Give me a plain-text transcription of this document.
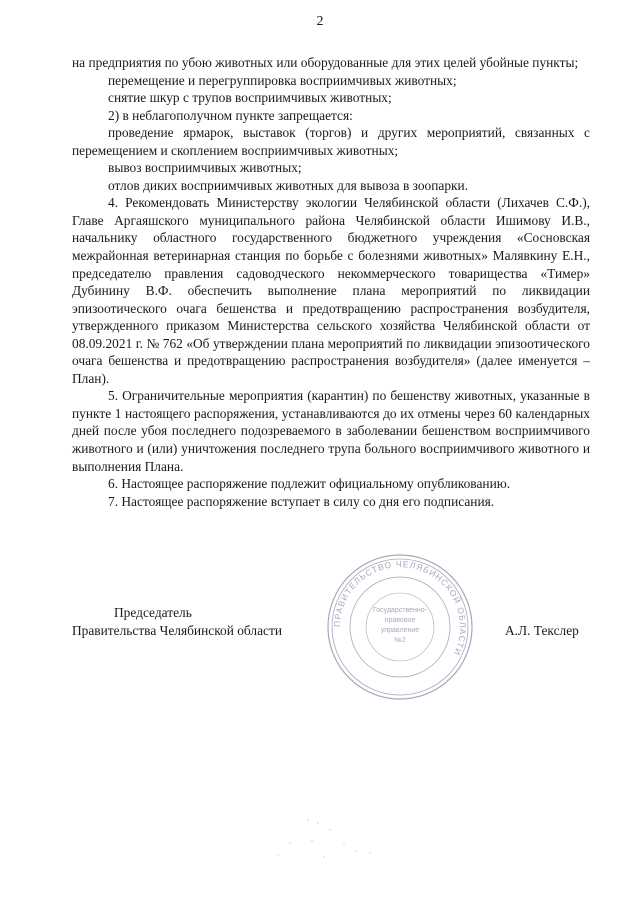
2

на предприятия по убою животных или оборудованные для этих целей убойные пункты;

перемещение и перегруппировка восприимчивых животных;

снятие шкур с трупов восприимчивых животных;

2) в неблагополучном пункте запрещается:

проведение ярмарок, выставок (торгов) и других мероприятий, связанных с перемещением и скоплением восприимчивых животных;

вывоз восприимчивых животных;

отлов диких восприимчивых животных для вывоза в зоопарки.

4. Рекомендовать Министерству экологии Челябинской области (Лихачев С.Ф.), Главе Аргаяшского муниципального района Челябинской области Ишимову И.В., начальнику областного государственного бюджетного учреждения «Сосновская межрайонная ветеринарная станция по борьбе с болезнями животных» Малявкину Е.Н., председателю правления садоводческого некоммерческого товарищества «Тимер» Дубинину В.Ф. обеспечить выполнение плана мероприятий по ликвидации эпизоотического очага бешенства и предотвращению распространения возбудителя, утвержденного приказом Министерства сельского хозяйства Челябинской области от 08.09.2021 г. № 762 «Об утверждении плана мероприятий по ликвидации эпизоотического очага бешенства и предотвращению распространения возбудителя» (далее именуется – План).

5. Ограничительные мероприятия (карантин) по бешенству животных, указанные в пункте 1 настоящего распоряжения, устанавливаются до их отмены через 60 календарных дней после убоя последнего подозреваемого в заболевании бешенством восприимчивого животного и (или) уничтожения последнего трупа больного восприимчивого животного и выполнения Плана.

6. Настоящее распоряжение подлежит официальному опубликованию.

7. Настоящее распоряжение вступает в силу со дня его подписания.

ПРАВИТЕЛЬСТВО ЧЕЛЯБИНСКОЙ ОБЛАСТИ
Государственно-
правовое
управление
№2
Председатель
Правительства Челябинской области	А.Л. Текслер
